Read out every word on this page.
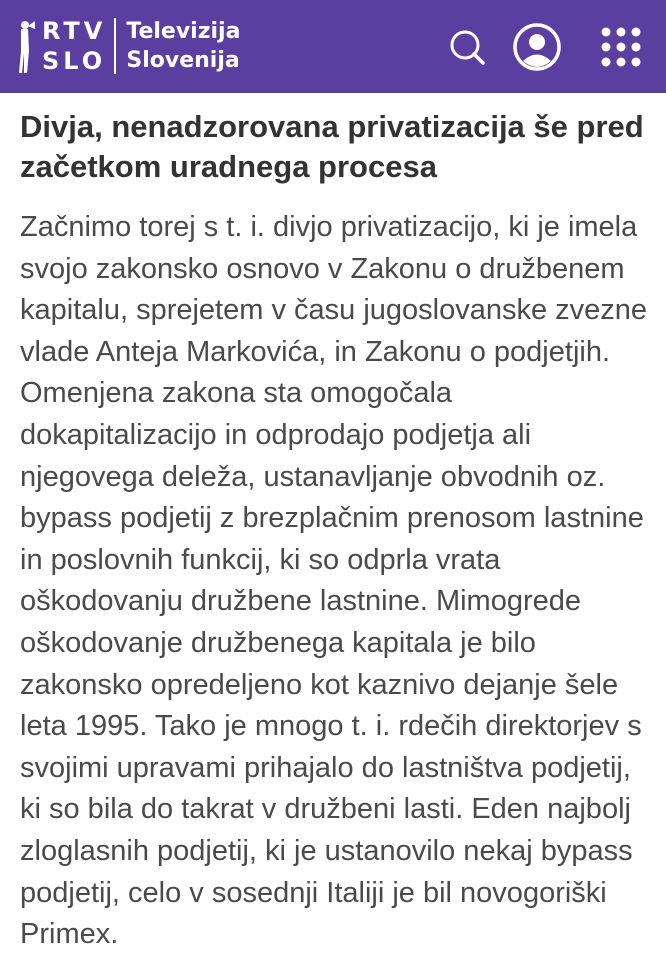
RTV
SLO
Televizija
Slovenija
Divja, nenadzorovana privatizacija še pred začetkom uradnega procesa

Začnimo torej s t. i. divjo privatizacijo, ki je imela svojo zakonsko osnovo v Zakonu o družbenem kapitalu, sprejetem v času jugoslovanske zvezne vlade Anteja Markovića, in Zakonu o podjetjih. Omenjena zakona sta omogočala dokapitalizacijo in odprodajo podjetja ali njegovega deleža, ustanavljanje obvodnih oz. bypass podjetij z brezplačnim prenosom lastnine in poslovnih funkcij, ki so odprla vrata oškodovanju družbene lastnine. Mimogrede oškodovanje družbenega kapitala je bilo zakonsko opredeljeno kot kaznivo dejanje šele leta 1995. Tako je mnogo t. i. rdečih direktorjev s svojimi upravami prihajalo do lastništva podjetij, ki so bila do takrat v družbeni lasti. Eden najbolj zloglasnih podjetij, ki je ustanovilo nekaj bypass podjetij, celo v sosednji Italiji je bil novogoriški Primex.
